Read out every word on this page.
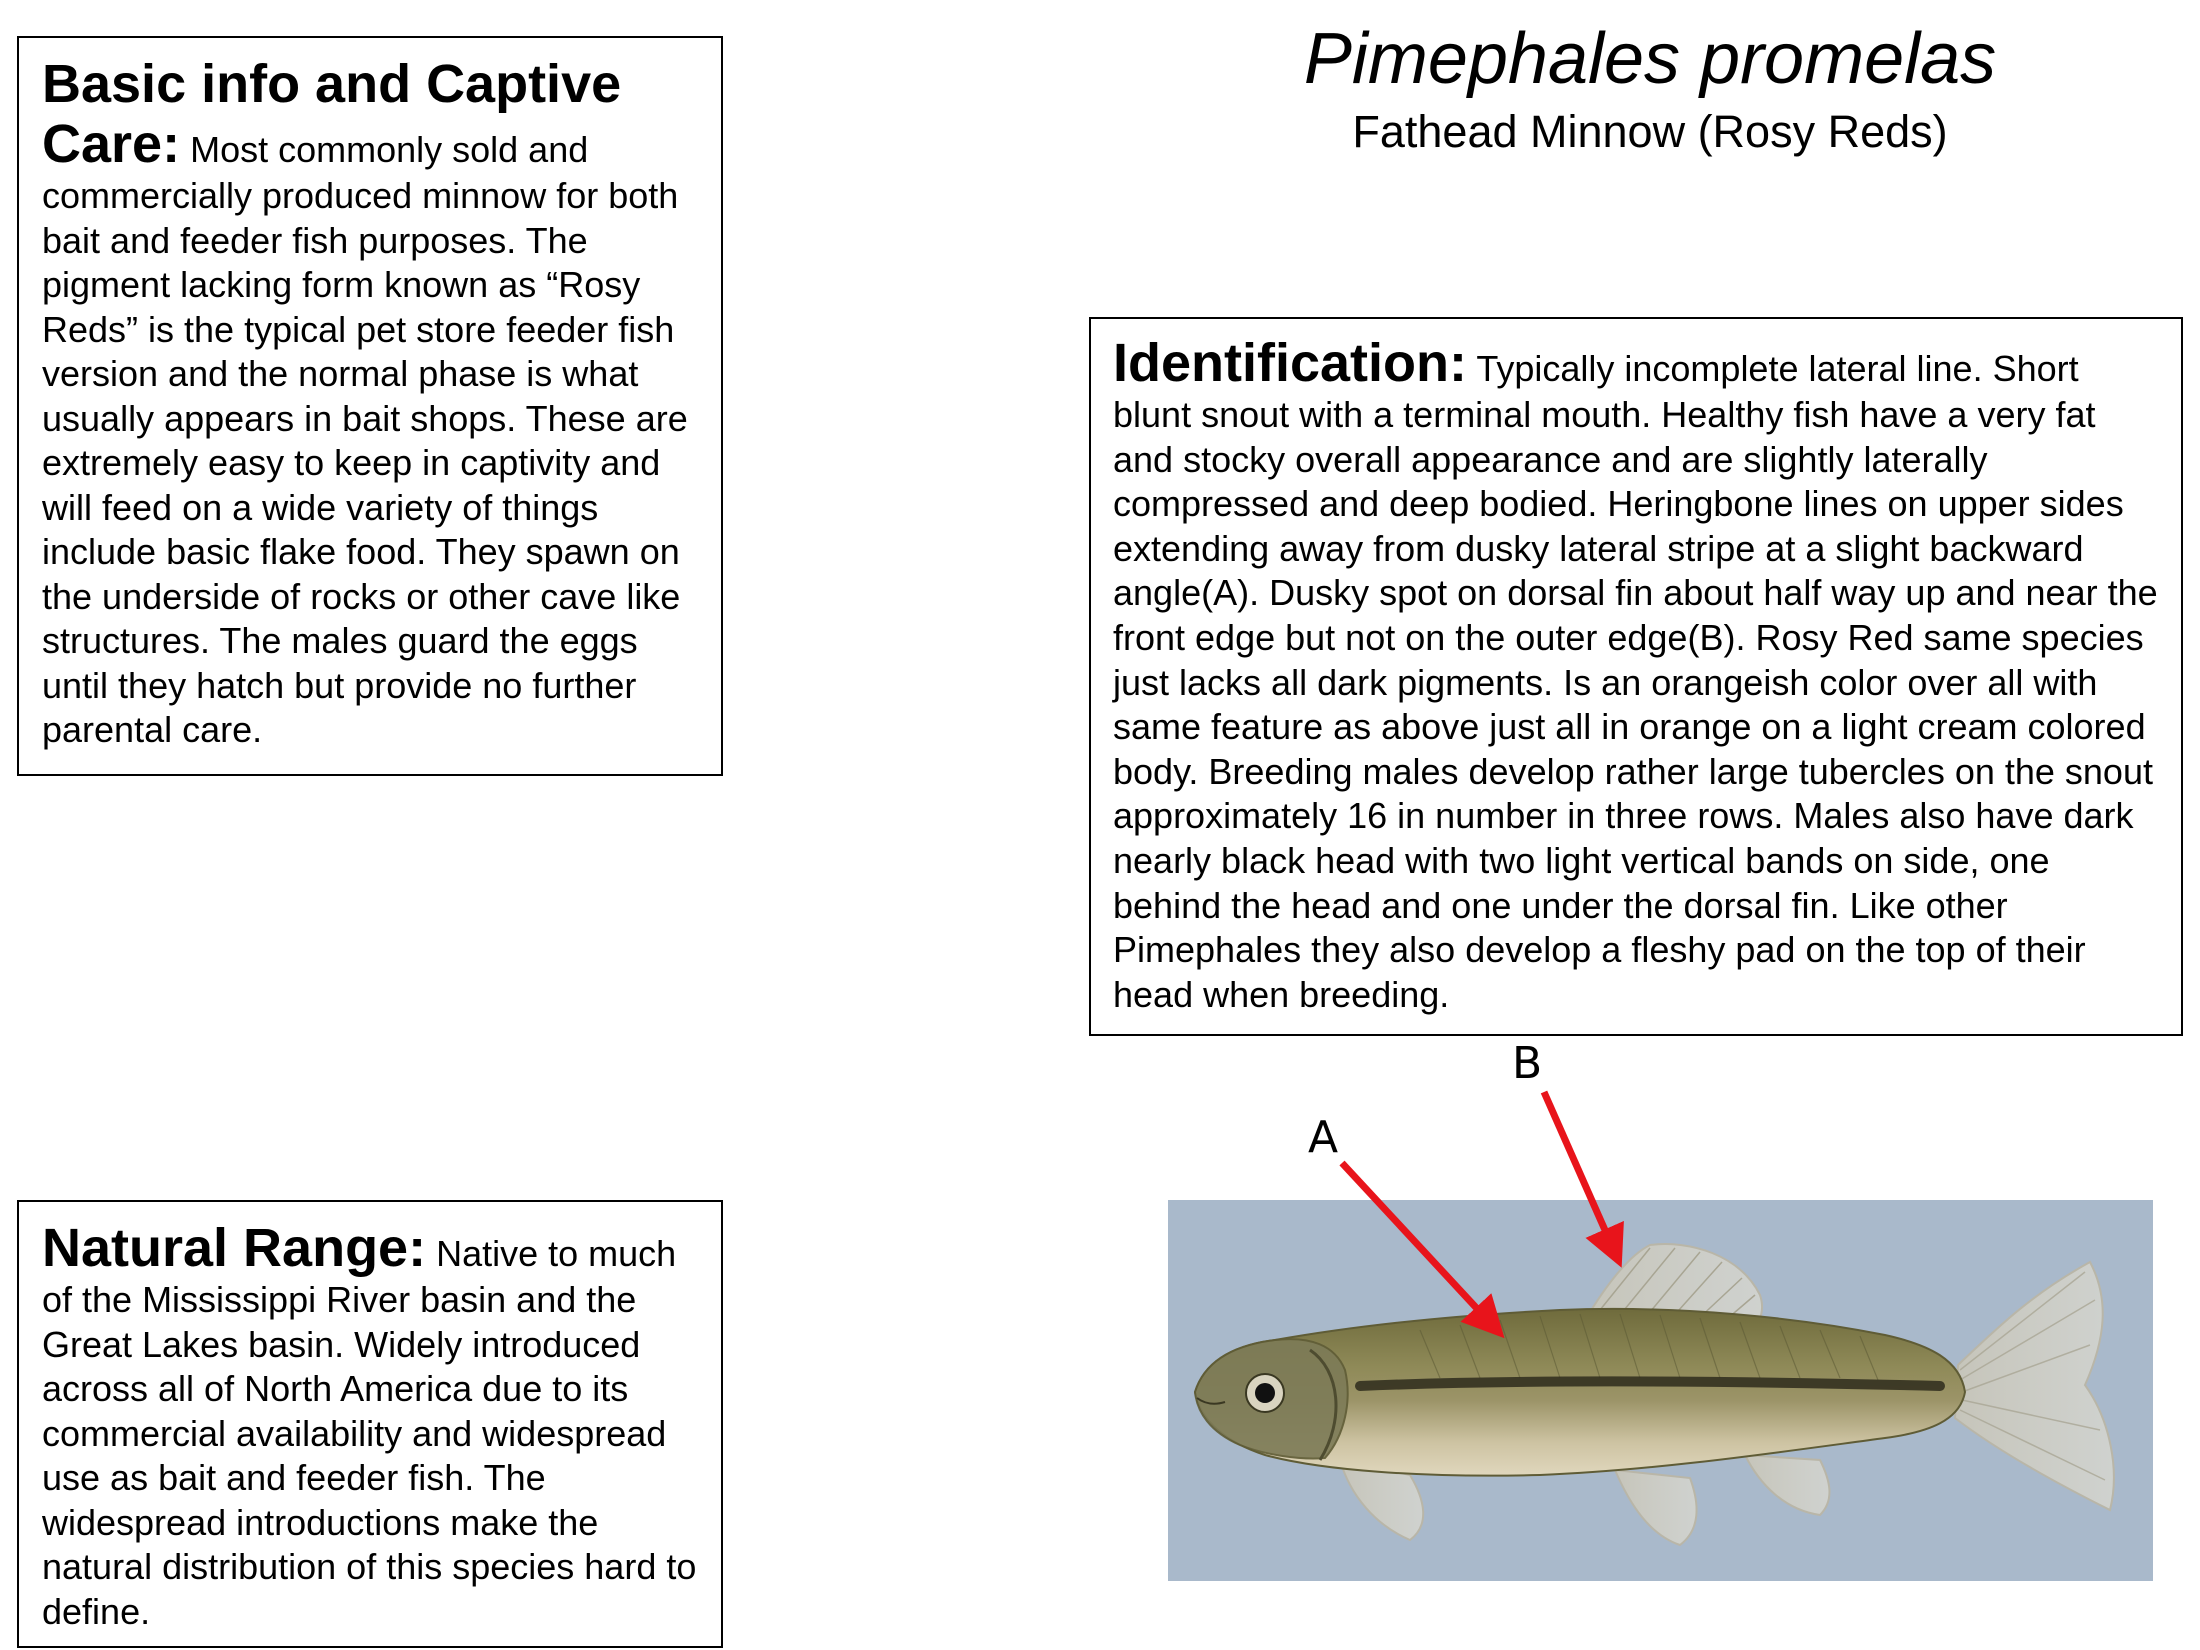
Pimephales promelas
Fathead Minnow (Rosy Reds)

Basic info and Captive Care: Most commonly sold and commercially produced minnow for both bait and feeder fish purposes. The pigment lacking form known as “Rosy Reds” is the typical pet store feeder fish version and the normal phase is what usually appears in bait shops. These are extremely easy to keep in captivity and will feed on a wide variety of things include basic flake food. They spawn on the underside of rocks or other cave like structures. The males guard the eggs until they hatch but provide no further parental care.

Identification: Typically incomplete lateral line. Short blunt snout with a terminal mouth. Healthy fish have a very fat and stocky overall appearance and are slightly laterally compressed and deep bodied. Heringbone lines on upper sides extending away from dusky lateral stripe at a slight backward angle(A). Dusky spot on dorsal fin about half way up and near the front edge but not on the outer edge(B). Rosy Red same species just lacks all dark pigments. Is an orangeish color over all with same feature as above just all in orange on a light cream colored body. Breeding males develop rather large tubercles on the snout approximately 16 in number in three rows. Males also have dark nearly black head with two light vertical bands on side, one behind the head and one under the dorsal fin. Like other Pimephales they also develop a fleshy pad on the top of their head when breeding.

Natural Range: Native to much of the Mississippi River basin and the Great Lakes basin. Widely introduced across all of North America due to its commercial availability and widespread use as bait and feeder fish. The widespread introductions make the natural distribution of this species hard to define.

A
B
